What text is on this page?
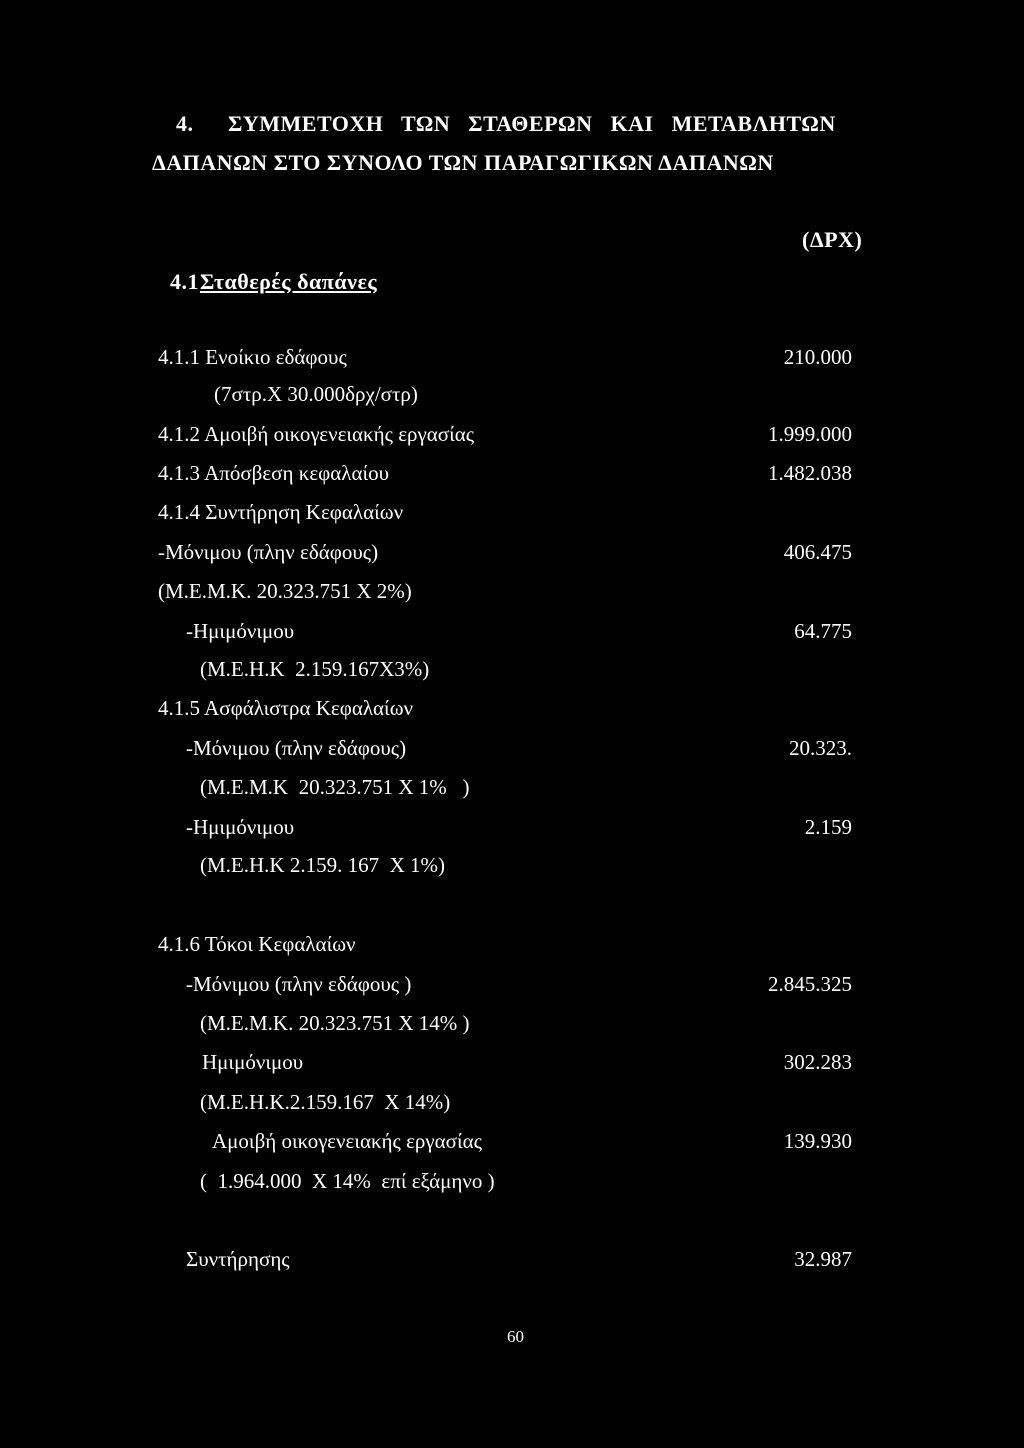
4. ΣΥΜΜΕΤΟΧΗ   ΤΩΝ   ΣΤΑΘΕΡΩΝ   ΚΑΙ   ΜΕΤΑΒΛΗΤΩΝ
ΔΑΠΑΝΩΝ ΣΤΟ ΣΥΝΟΛΟ ΤΩΝ ΠΑΡΑΓΩΓΙΚΩΝ ΔΑΠΑΝΩΝ
(ΔΡΧ)
4.1 Σταθερές δαπάνες
4.1.1 Ενοίκιο εδάφους	210.000
(7στρ.Χ 30.000δρχ/στρ)
4.1.2 Αμοιβή οικογενειακής εργασίας	1.999.000
4.1.3 Απόσβεση κεφαλαίου	1.482.038
4.1.4 Συντήρηση Κεφαλαίων
-Μόνιμου (πλην εδάφους)	406.475
(Μ.Ε.Μ.Κ. 20.323.751 Χ 2%)
-Ημιμόνιμου	64.775
(Μ.Ε.Η.Κ  2.159.167Χ3%)
4.1.5 Ασφάλιστρα Κεφαλαίων
-Μόνιμου (πλην εδάφους)	20.323.
(Μ.Ε.Μ.Κ  20.323.751 Χ 1%   )
-Ημιμόνιμου	2.159
(Μ.Ε.Η.Κ 2.159. 167  Χ 1%)
4.1.6 Τόκοι Κεφαλαίων
-Μόνιμου (πλην εδάφους )	2.845.325
(Μ.Ε.Μ.Κ. 20.323.751 Χ 14% )
Ημιμόνιμου	302.283
(Μ.Ε.Η.Κ.2.159.167  Χ 14%)
Αμοιβή οικογενειακής εργασίας	139.930
(  1.964.000  Χ 14%  επί εξάμηνο )
Συντήρησης	32.987
60
